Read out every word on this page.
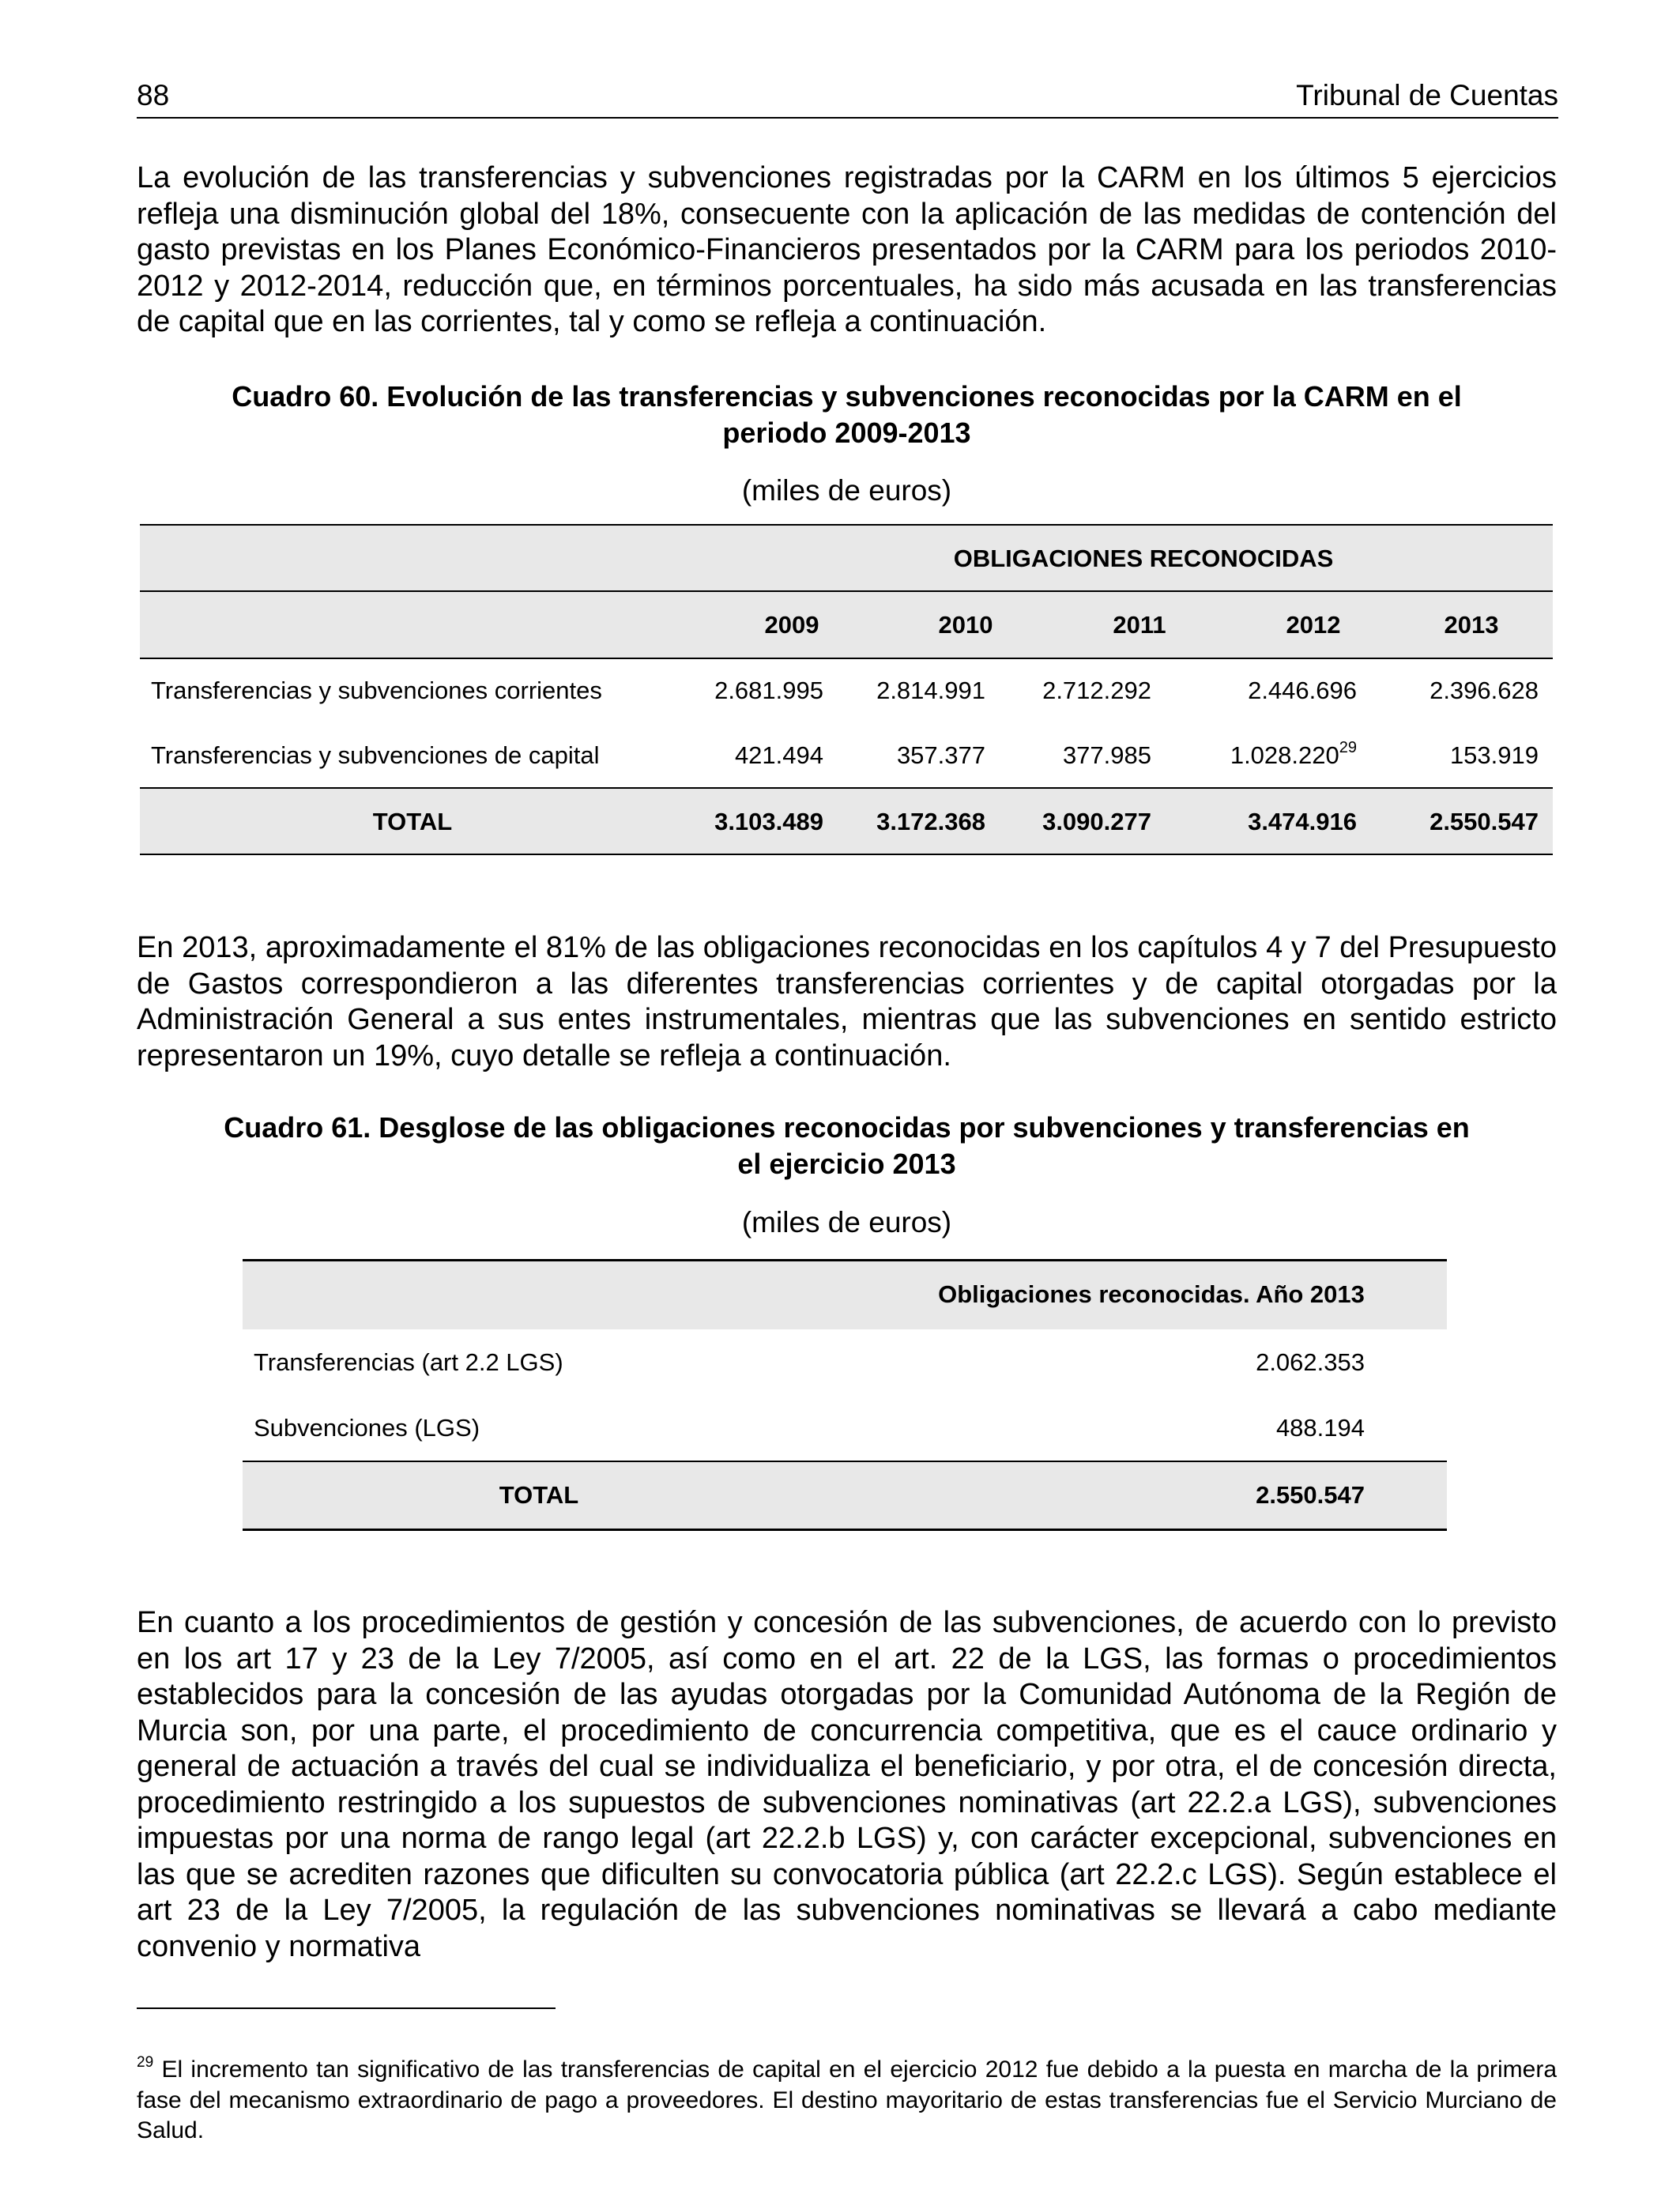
88	Tribunal de Cuentas
La evolución de las transferencias y subvenciones registradas por la CARM en los últimos 5 ejercicios refleja una disminución global del 18%, consecuente con la aplicación de las medidas de contención del gasto previstas en los Planes Económico-Financieros presentados por la CARM para los periodos 2010-2012 y 2012-2014, reducción que, en términos porcentuales, ha sido más acusada en las transferencias de capital que en las corrientes, tal y como se refleja a continuación.
Cuadro 60. Evolución de las transferencias y subvenciones reconocidas por la CARM en el
periodo 2009-2013
(miles de euros)
OBLIGACIONES RECONOCIDAS
2009	2010	2011	2012	2013
Transferencias y subvenciones corrientes	2.681.995	2.814.991	2.712.292	2.446.696	2.396.628
Transferencias y subvenciones de capital	421.494	357.377	377.985	1.028.220$^{29}$	153.919
TOTAL	3.103.489	3.172.368	3.090.277	3.474.916	2.550.547
En 2013, aproximadamente el 81% de las obligaciones reconocidas en los capítulos 4 y 7 del Presupuesto de Gastos correspondieron a las diferentes transferencias corrientes y de capital otorgadas por la Administración General a sus entes instrumentales, mientras que las subvenciones en sentido estricto representaron un 19%, cuyo detalle se refleja a continuación.
Cuadro 61. Desglose de las obligaciones reconocidas por subvenciones y transferencias en
el ejercicio 2013
(miles de euros)
Obligaciones reconocidas. Año 2013
Transferencias (art 2.2 LGS)	2.062.353
Subvenciones (LGS)	488.194
TOTAL	2.550.547
En cuanto a los procedimientos de gestión y concesión de las subvenciones, de acuerdo con lo previsto en los art 17 y 23 de la Ley 7/2005, así como en el art. 22 de la LGS, las formas o procedimientos establecidos para la concesión de las ayudas otorgadas por la Comunidad Autónoma de la Región de Murcia son, por una parte, el procedimiento de concurrencia competitiva, que es el cauce ordinario y general de actuación a través del cual se individualiza el beneficiario, y por otra, el de concesión directa, procedimiento restringido a los supuestos de subvenciones nominativas (art 22.2.a LGS), subvenciones impuestas por una norma de rango legal (art 22.2.b LGS) y, con carácter excepcional, subvenciones en las que se acrediten razones que dificulten su convocatoria pública (art 22.2.c LGS). Según establece el art 23 de la Ley 7/2005, la regulación de las subvenciones nominativas se llevará a cabo mediante convenio y normativa
$^{29}$ El incremento tan significativo de las transferencias de capital en el ejercicio 2012 fue debido a la puesta en marcha de la primera fase del mecanismo extraordinario de pago a proveedores. El destino mayoritario de estas transferencias fue el Servicio Murciano de Salud.
